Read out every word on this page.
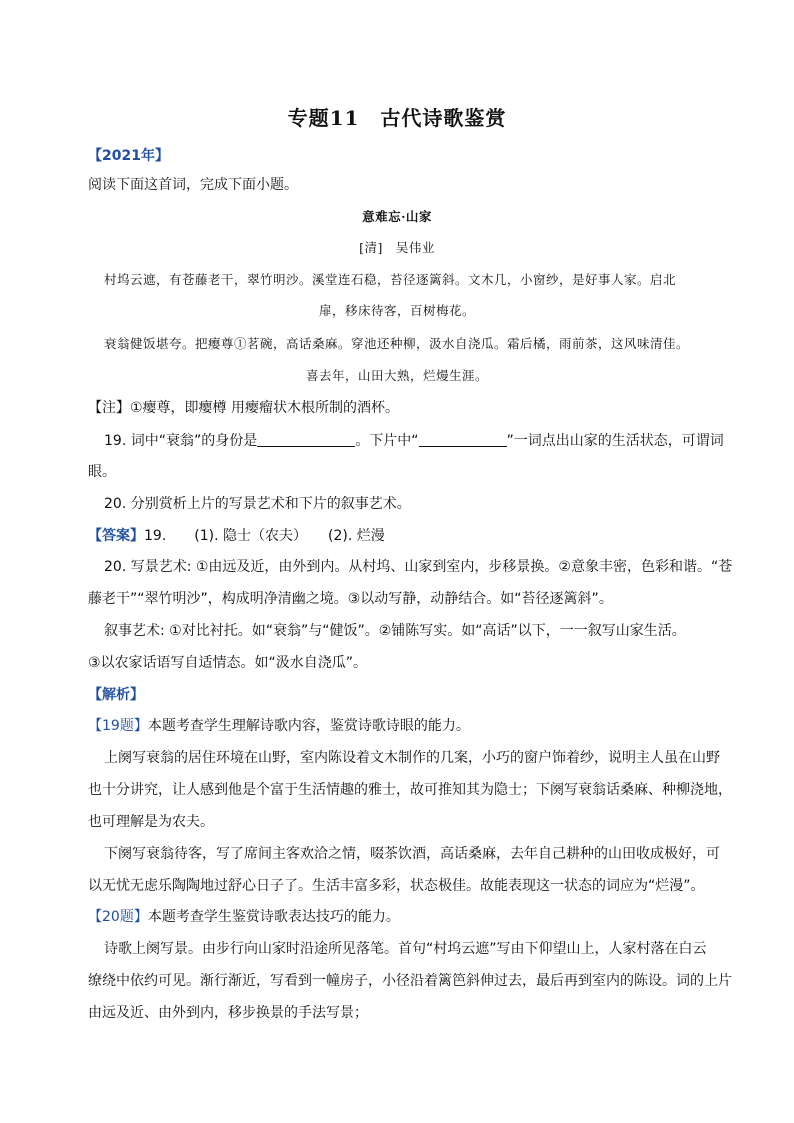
专题11　古代诗歌鉴赏
【2021年】
阅读下面这首词，完成下面小题。
意难忘·山家
[清]　吴伟业
村坞云遮，有苍藤老干，翠竹明沙。溪堂连石稳，苔径逐篱斜。文木几，小窗纱，是好事人家。启北
扉，移床待客，百树梅花。
衰翁健饭堪夸。把瘿尊①茗碗，高话桑麻。穿池还种柳，汲水自浇瓜。霜后橘，雨前茶，这风味清佳。
喜去年，山田大熟，烂熳生涯。
【注】①瘿尊，即瘿樽 用瘿瘤状木根所制的酒杯。
19. 词中“衰翁”的身份是	。下片中“	”一词点出山家的生活状态，可谓词
眼。
20. 分别赏析上片的写景艺术和下片的叙事艺术。
【答案】19.　　(1). 隐士（农夫）　　(2). 烂漫
20. 写景艺术: ①由远及近，由外到内。从村坞、山家到室内，步移景换。②意象丰密，色彩和谐。“苍
藤老干”“翠竹明沙”，构成明净清幽之境。③以动写静，动静结合。如“苔径逐篱斜”。
叙事艺术: ①对比衬托。如“衰翁”与“健饭”。②铺陈写实。如“高话”以下，一一叙写山家生活。
③以农家话语写自适情态。如“汲水自浇瓜”。
【解析】
【19题】本题考查学生理解诗歌内容，鉴赏诗歌诗眼的能力。
上阕写衰翁的居住环境在山野，室内陈设着文木制作的几案，小巧的窗户饰着纱，说明主人虽在山野
也十分讲究，让人感到他是个富于生活情趣的雅士，故可推知其为隐士；下阕写衰翁话桑麻、种柳浇地，
也可理解是为农夫。
下阕写衰翁待客，写了席间主客欢洽之情，啜茶饮酒，高话桑麻，去年自己耕种的山田收成极好，可
以无忧无虑乐陶陶地过舒心日子了。生活丰富多彩，状态极佳。故能表现这一状态的词应为“烂漫”。
【20题】本题考查学生鉴赏诗歌表达技巧的能力。
诗歌上阕写景。由步行向山家时沿途所见落笔。首句“村坞云遮”写由下仰望山上，人家村落在白云
缭绕中依约可见。渐行渐近，写看到一幢房子，小径沿着篱笆斜伸过去，最后再到室内的陈设。词的上片
由远及近、由外到内，移步换景的手法写景；
